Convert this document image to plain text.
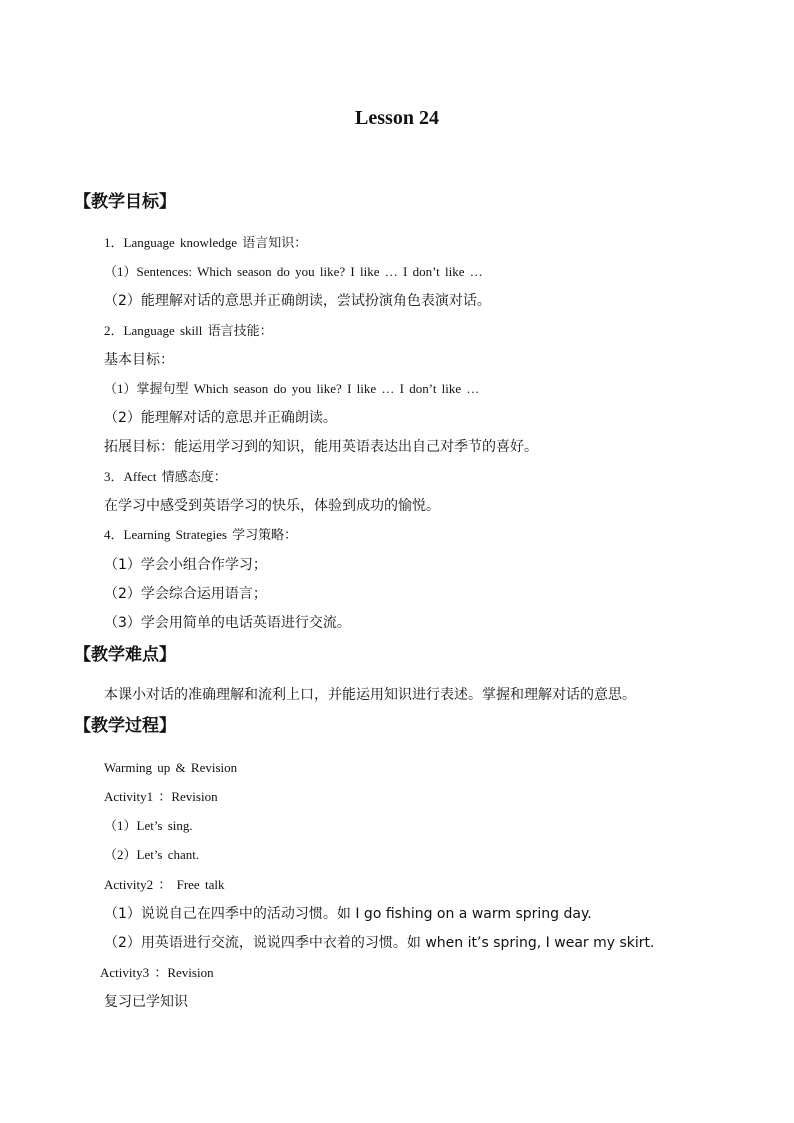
Lesson 24
【教学目标】
1．Language knowledge 语言知识：
（1）Sentences: Which season do you like? I like … I don’t like …
（2）能理解对话的意思并正确朗读，尝试扮演角色表演对话。
2．Language skill 语言技能：
基本目标：
（1）掌握句型 Which season do you like? I like … I don’t like …
（2）能理解对话的意思并正确朗读。
拓展目标：能运用学习到的知识，能用英语表达出自己对季节的喜好。
3．Affect 情感态度：
在学习中感受到英语学习的快乐，体验到成功的愉悦。
4．Learning Strategies 学习策略：
（1）学会小组合作学习；
（2）学会综合运用语言；
（3）学会用简单的电话英语进行交流。
【教学难点】
本课小对话的准确理解和流利上口，并能运用知识进行表述。掌握和理解对话的意思。
【教学过程】
Warming up & Revision
Activity1 ：Revision
（1）Let’s sing.
（2）Let’s chant.
Activity2 ： Free talk
（1）说说自己在四季中的活动习惯。如 I go fishing on a warm spring day.
（2）用英语进行交流，说说四季中衣着的习惯。如 when it’s spring, I wear my skirt.
Activity3 ：Revision
复习已学知识
